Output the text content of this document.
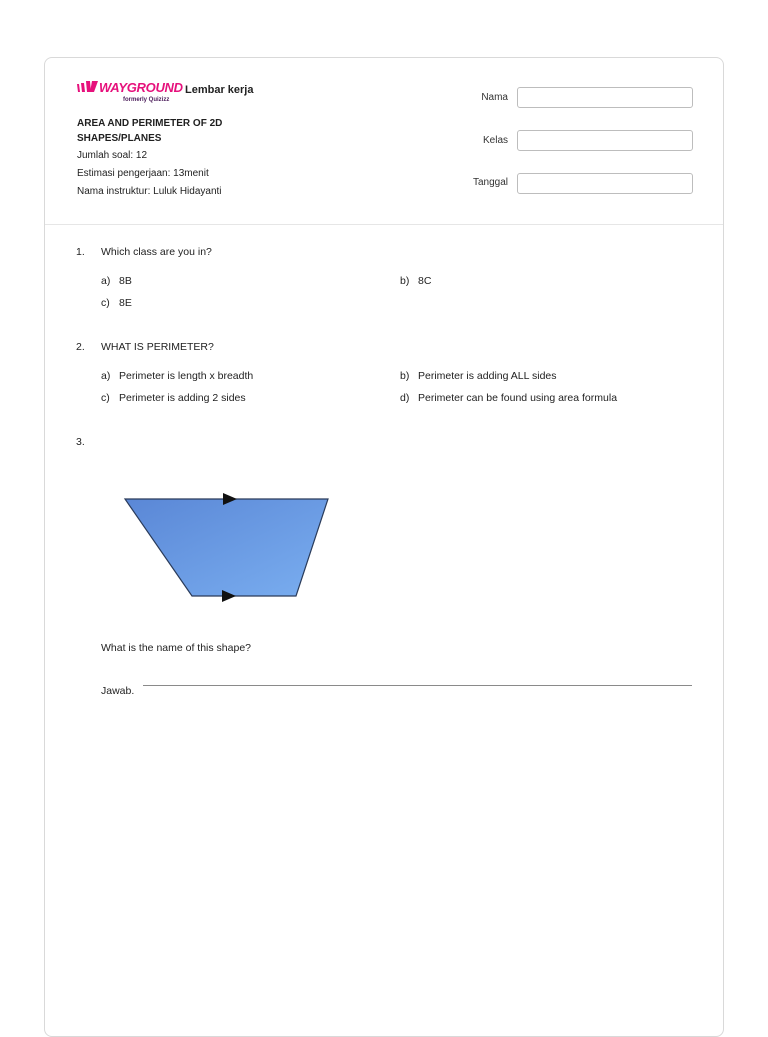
WAYGROUND
formerly Quizizz
Lembar kerja
AREA AND PERIMETER OF 2D
SHAPES/PLANES
Jumlah soal: 12
Estimasi pengerjaan: 13menit
Nama instruktur: Luluk Hidayanti
Nama
Kelas
Tanggal
1. Which class are you in?
a) 8B	b) 8C
c) 8E
2. WHAT IS PERIMETER?
a) Perimeter is length x breadth	b) Perimeter is adding ALL sides
c) Perimeter is adding 2 sides	d) Perimeter can be found using area formula
3.
What is the name of this shape?
Jawab.
